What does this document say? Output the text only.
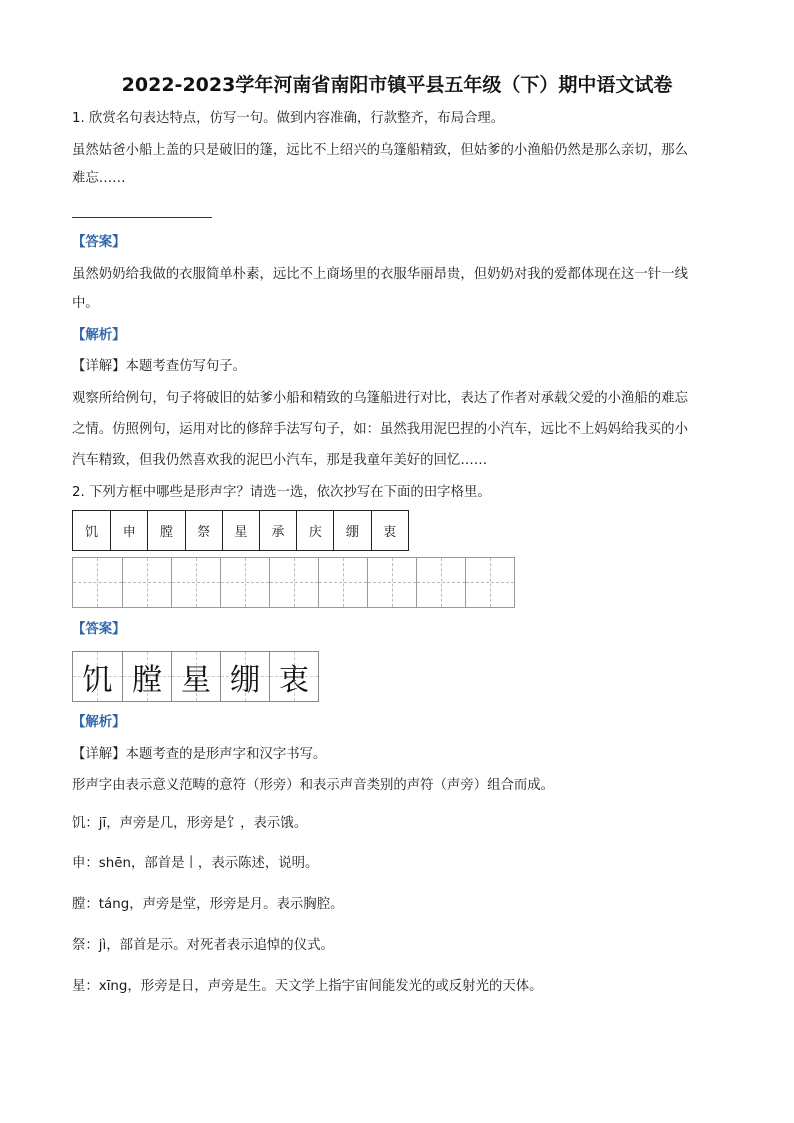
2022-2023学年河南省南阳市镇平县五年级（下）期中语文试卷
1. 欣赏名句表达特点，仿写一句。做到内容准确，行款整齐，布局合理。
虽然姑爸小船上盖的只是破旧的篷，远比不上绍兴的乌篷船精致，但姑爹的小渔船仍然是那么亲切，那么
难忘……
【答案】
虽然奶奶给我做的衣服简单朴素，远比不上商场里的衣服华丽昂贵，但奶奶对我的爱都体现在这一针一线
中。
【解析】
【详解】本题考查仿写句子。
观察所给例句，句子将破旧的姑爹小船和精致的乌篷船进行对比，表达了作者对承载父爱的小渔船的难忘
之情。仿照例句，运用对比的修辞手法写句子，如：虽然我用泥巴捏的小汽车，远比不上妈妈给我买的小
汽车精致，但我仍然喜欢我的泥巴小汽车，那是我童年美好的回忆……
2. 下列方框中哪些是形声字？请选一选，依次抄写在下面的田字格里。
饥	申	膛	祭	星	承	庆	绷	衷
【答案】
饥 膛 星 绷 衷
【解析】
【详解】本题考查的是形声字和汉字书写。
形声字由表示意义范畴的意符（形旁）和表示声音类别的声符（声旁）组合而成。
饥：jī，声旁是几，形旁是饣，表示饿。
申：shēn，部首是丨，表示陈述，说明。
膛：táng，声旁是堂，形旁是月。表示胸腔。
祭：jì，部首是示。对死者表示追悼的仪式。
星：xīng，形旁是日，声旁是生。天文学上指宇宙间能发光的或反射光的天体。
